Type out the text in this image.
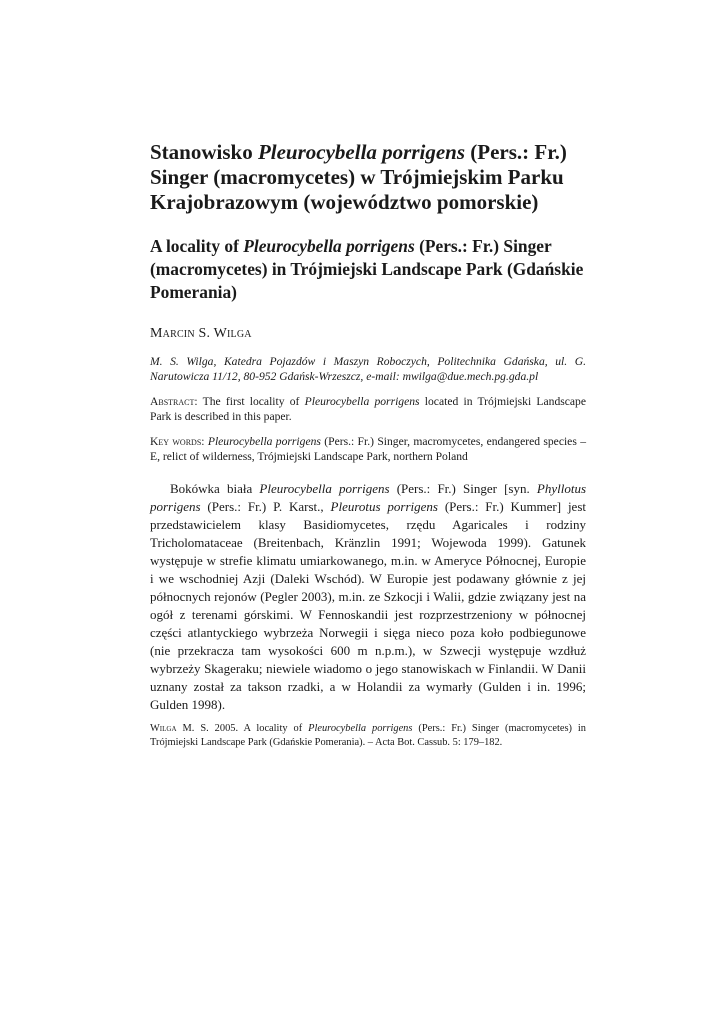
Stanowisko Pleurocybella porrigens (Pers.: Fr.) Singer (macromycetes) w Trójmiejskim Parku Krajobrazowym (województwo pomorskie)
A locality of Pleurocybella porrigens (Pers.: Fr.) Singer (macromycetes) in Trójmiejski Landscape Park (Gdańskie Pomerania)

Marcin S. Wilga

M. S. Wilga, Katedra Pojazdów i Maszyn Roboczych, Politechnika Gdańska, ul. G. Narutowicza 11/12, 80-952 Gdańsk-Wrzeszcz, e-mail: mwilga@due.mech.pg.gda.pl

Abstract: The first locality of Pleurocybella porrigens located in Trójmiejski Landscape Park is described in this paper.

Key words: Pleurocybella porrigens (Pers.: Fr.) Singer, macromycetes, endangered species – E, relict of wilderness, Trójmiejski Landscape Park, northern Poland

Bokówka biała Pleurocybella porrigens (Pers.: Fr.) Singer [syn. Phyllotus porrigens (Pers.: Fr.) P. Karst., Pleurotus porrigens (Pers.: Fr.) Kummer] jest przedstawicielem klasy Basidiomycetes, rzędu Agaricales i rodziny Tricholomataceae (Breitenbach, Kränzlin 1991; Wojewoda 1999). Gatunek występuje w strefie klimatu umiarkowanego, m.in. w Ameryce Północnej, Europie i we wschodniej Azji (Daleki Wschód). W Europie jest podawany głównie z jej północnych rejonów (Pegler 2003), m.in. ze Szkocji i Walii, gdzie związany jest na ogół z terenami górskimi. W Fennoskandii jest rozprzestrzeniony w północnej części atlantyckiego wybrzeża Norwegii i sięga nieco poza koło podbiegunowe (nie przekracza tam wysokości 600 m n.p.m.), w Szwecji występuje wzdłuż wybrzeży Skageraku; niewiele wiadomo o jego stanowiskach w Finlandii. W Danii uznany został za takson rzadki, a w Holandii za wymarły (Gulden i in. 1996; Gulden 1998).

Wilga M. S. 2005. A locality of Pleurocybella porrigens (Pers.: Fr.) Singer (macromycetes) in Trójmiejski Landscape Park (Gdańskie Pomerania). – Acta Bot. Cassub. 5: 179–182.
